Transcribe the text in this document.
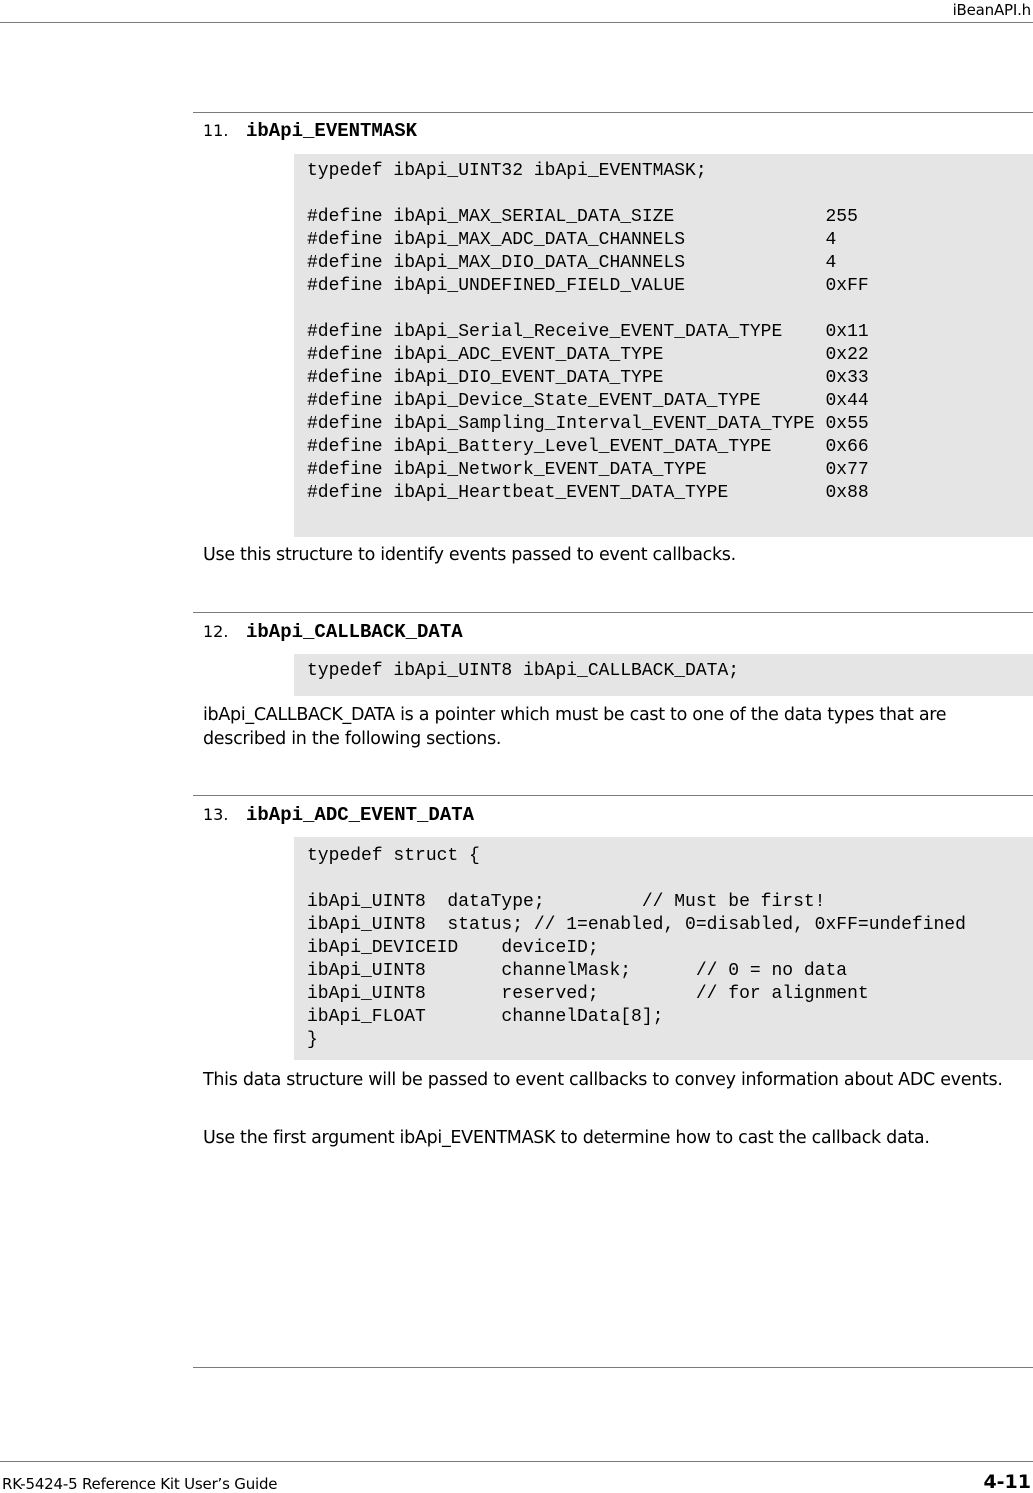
iBeanAPI.h
11. ibApi_EVENTMASK
typedef ibApi_UINT32 ibApi_EVENTMASK;

#define ibApi_MAX_SERIAL_DATA_SIZE              255
#define ibApi_MAX_ADC_DATA_CHANNELS             4
#define ibApi_MAX_DIO_DATA_CHANNELS             4
#define ibApi_UNDEFINED_FIELD_VALUE             0xFF

#define ibApi_Serial_Receive_EVENT_DATA_TYPE    0x11
#define ibApi_ADC_EVENT_DATA_TYPE               0x22
#define ibApi_DIO_EVENT_DATA_TYPE               0x33
#define ibApi_Device_State_EVENT_DATA_TYPE      0x44
#define ibApi_Sampling_Interval_EVENT_DATA_TYPE 0x55
#define ibApi_Battery_Level_EVENT_DATA_TYPE     0x66
#define ibApi_Network_EVENT_DATA_TYPE           0x77
#define ibApi_Heartbeat_EVENT_DATA_TYPE         0x88

Use this structure to identify events passed to event callbacks.

12. ibApi_CALLBACK_DATA
typedef ibApi_UINT8 ibApi_CALLBACK_DATA;

ibApi_CALLBACK_DATA is a pointer which must be cast to one of the data types that are described in the following sections.

13. ibApi_ADC_EVENT_DATA
typedef struct {

ibApi_UINT8  dataType;         // Must be first!
ibApi_UINT8  status; // 1=enabled, 0=disabled, 0xFF=undefined
ibApi_DEVICEID    deviceID;
ibApi_UINT8       channelMask;      // 0 = no data
ibApi_UINT8       reserved;         // for alignment
ibApi_FLOAT       channelData[8];
}

This data structure will be passed to event callbacks to convey information about ADC events.

Use the first argument ibApi_EVENTMASK to determine how to cast the callback data.

RK-5424-5 Reference Kit User’s Guide	4-11
